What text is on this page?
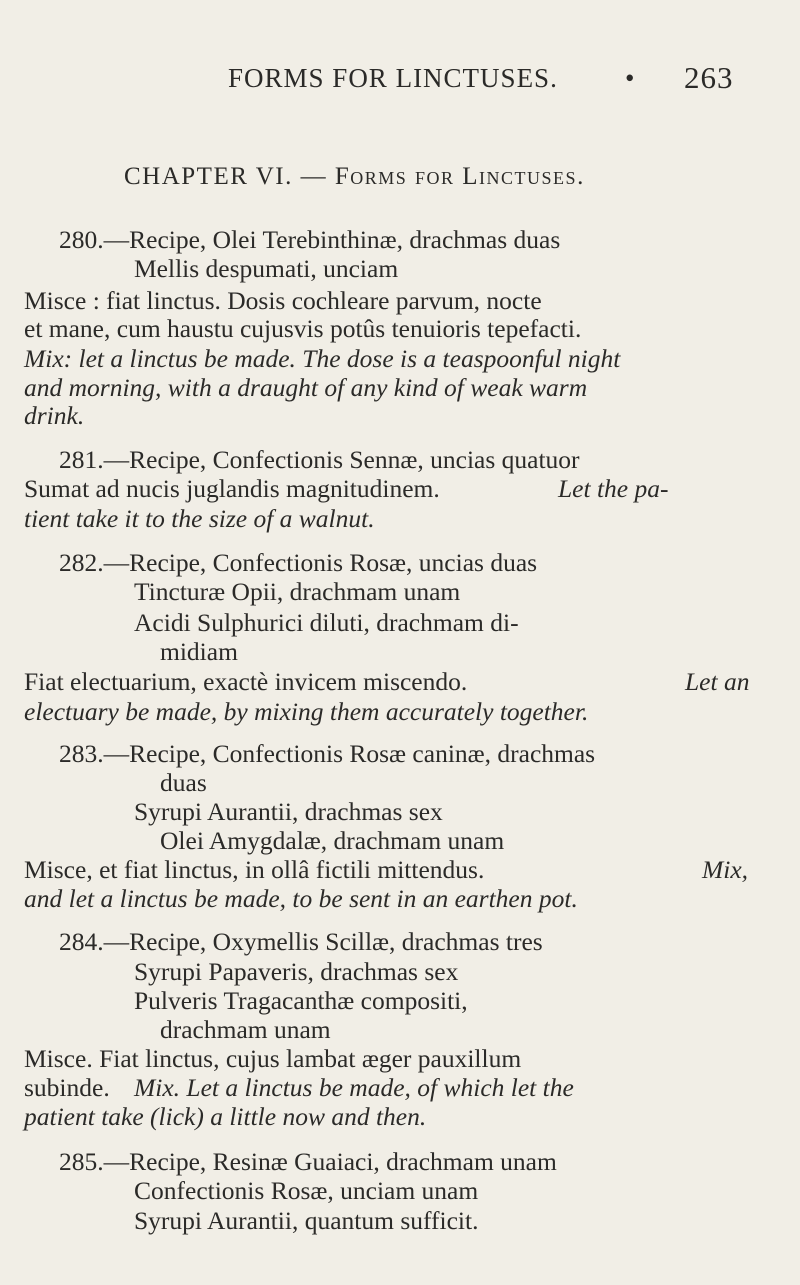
FORMS FOR LINCTUSES. • 263
CHAPTER VI. — Forms for Linctuses.
280.—Recipe, Olei Terebinthinæ, drachmas duas
Mellis despumati, unciam
Misce : fiat linctus. Dosis cochleare parvum, nocte
et mane, cum haustu cujusvis potûs tenuioris tepefacti.
Mix: let a linctus be made. The dose is a teaspoonful night
and morning, with a draught of any kind of weak warm
drink.
281.—Recipe, Confectionis Sennæ, uncias quatuor
Sumat ad nucis juglandis magnitudinem.	Let the pa-
tient take it to the size of a walnut.
282.—Recipe, Confectionis Rosæ, uncias duas
Tincturæ Opii, drachmam unam
Acidi Sulphurici diluti, drachmam di-
midiam
Fiat electuarium, exactè invicem miscendo.	Let an
electuary be made, by mixing them accurately together.
283.—Recipe, Confectionis Rosæ caninæ, drachmas
duas
Syrupi Aurantii, drachmas sex
Olei Amygdalæ, drachmam unam
Misce, et fiat linctus, in ollâ fictili mittendus.	Mix,
and let a linctus be made, to be sent in an earthen pot.
284.—Recipe, Oxymellis Scillæ, drachmas tres
Syrupi Papaveris, drachmas sex
Pulveris Tragacanthæ compositi,
drachmam unam
Misce. Fiat linctus, cujus lambat æger pauxillum
subinde. Mix. Let a linctus be made, of which let the
patient take (lick) a little now and then.
285.—Recipe, Resinæ Guaiaci, drachmam unam
Confectionis Rosæ, unciam unam
Syrupi Aurantii, quantum sufficit.
